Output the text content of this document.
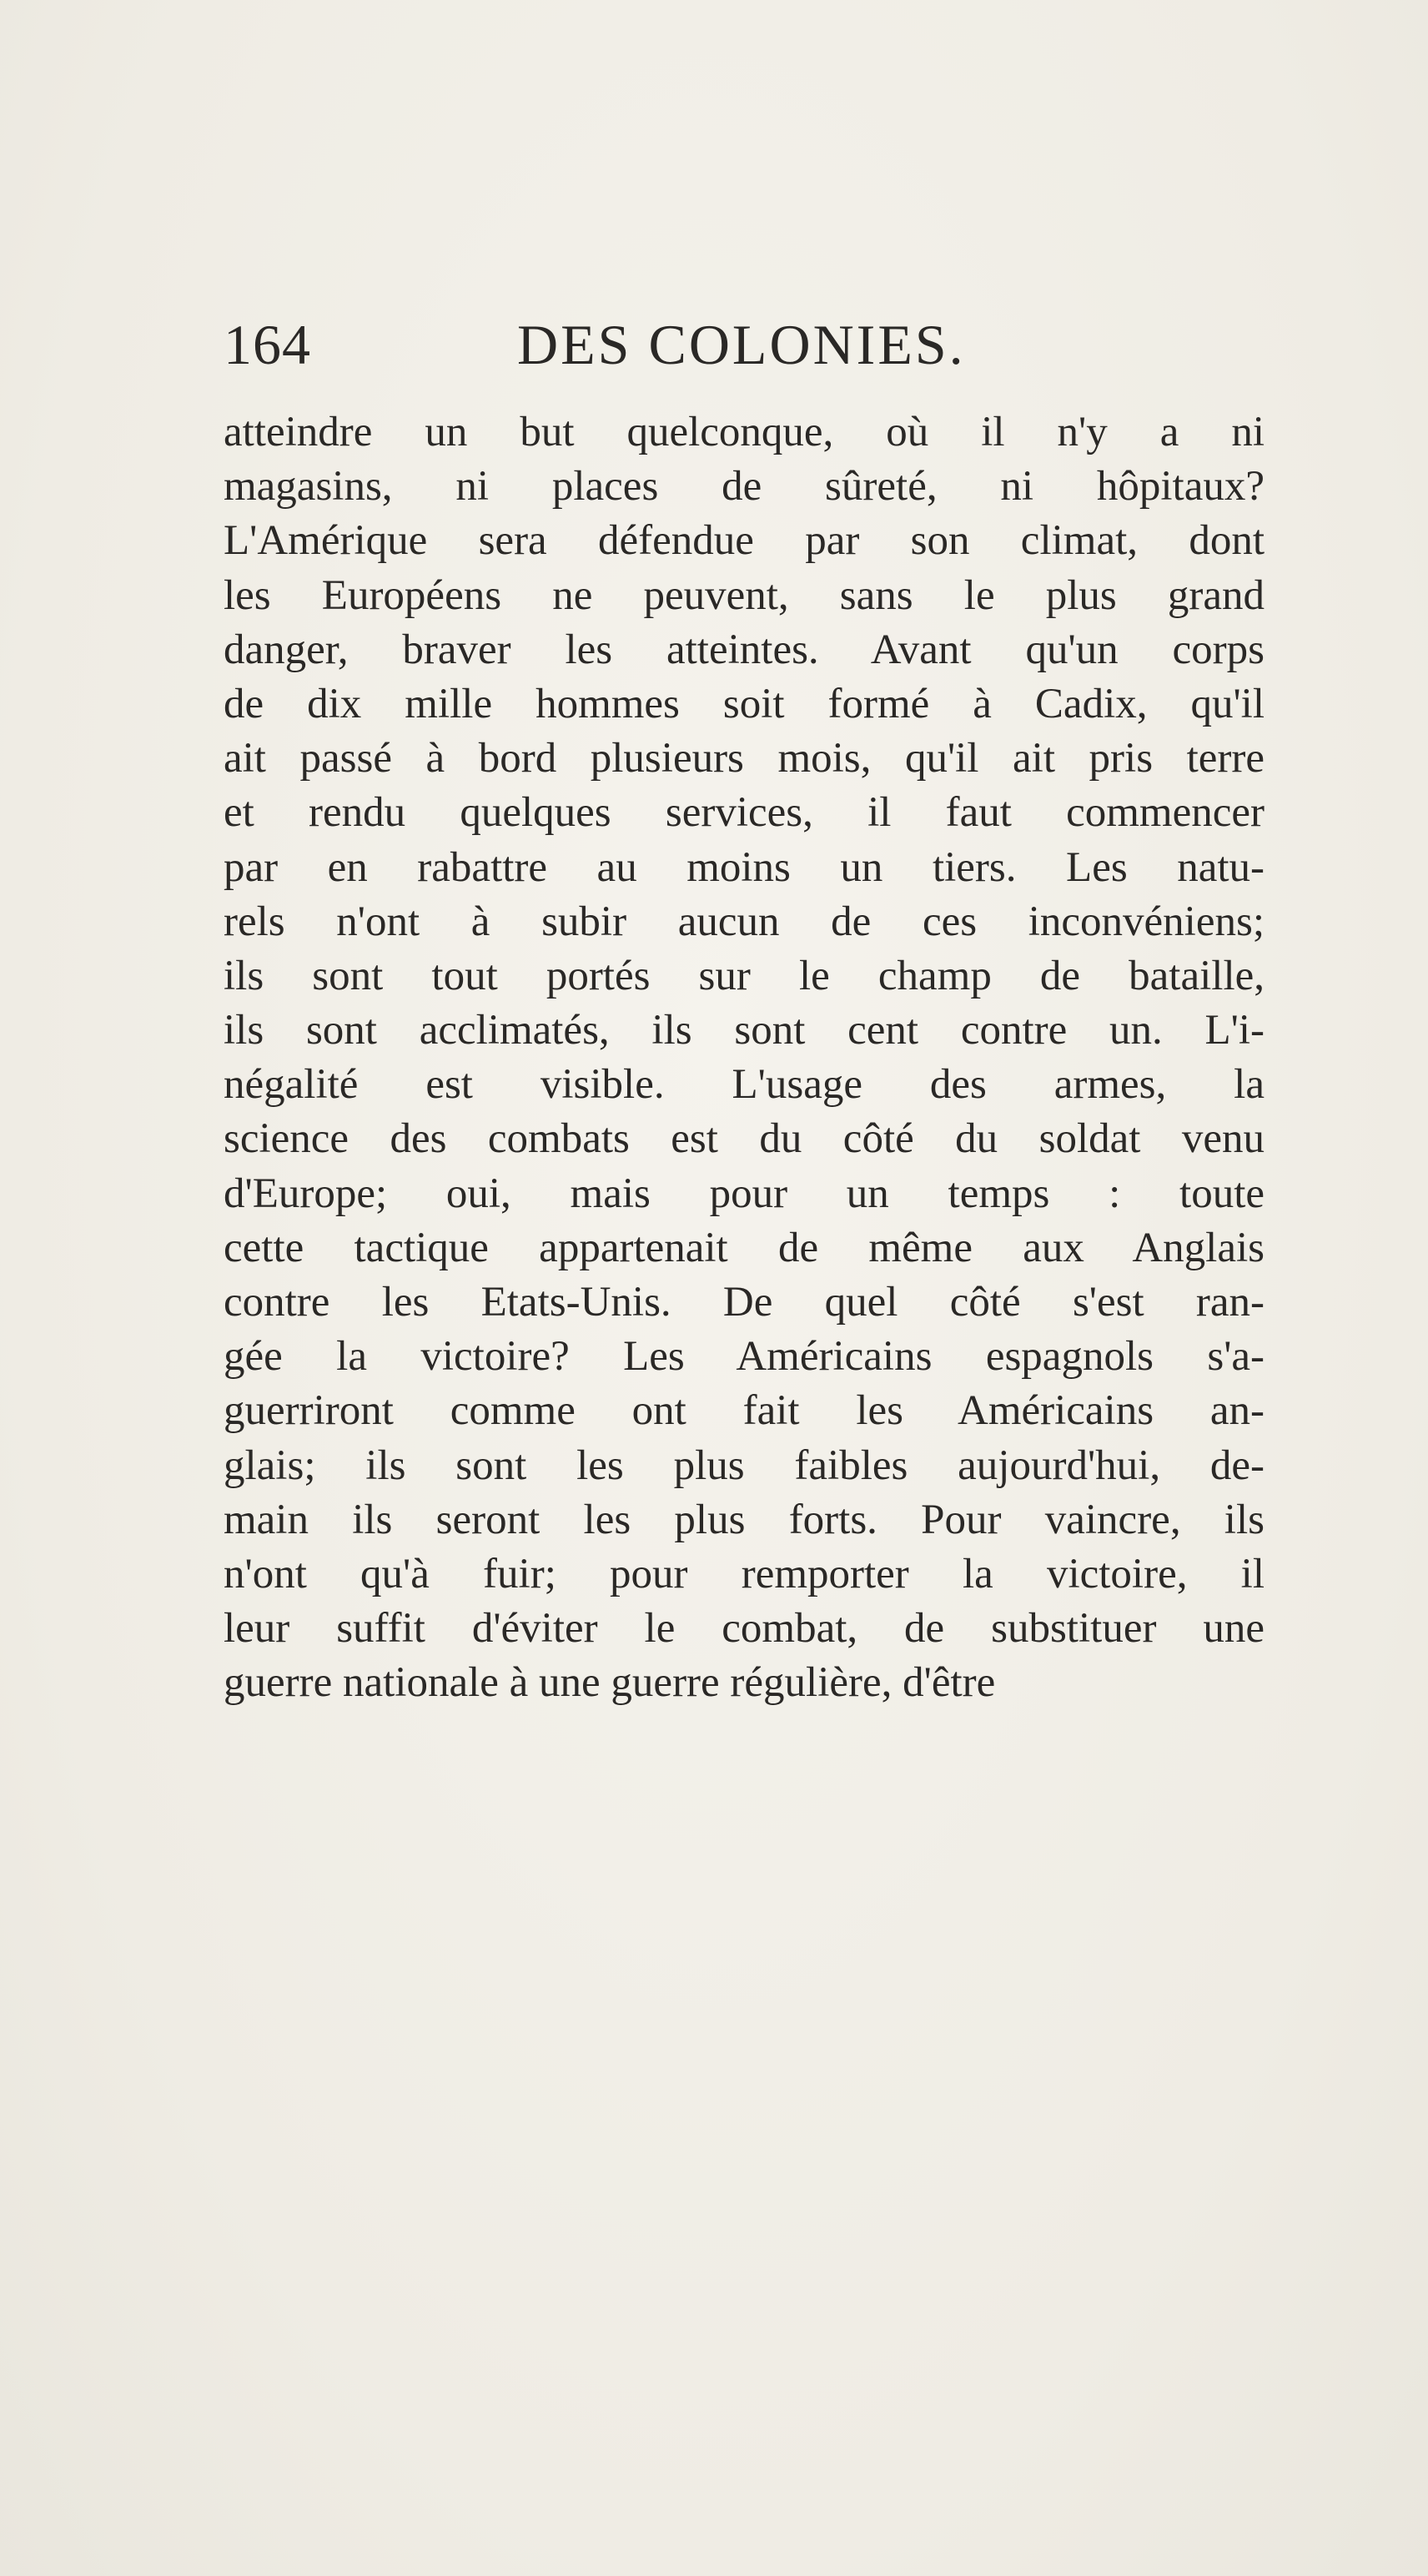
164	DES COLONIES.
atteindre un but quelconque, où il n'y a ni
magasins, ni places de sûreté, ni hôpitaux?
L'Amérique sera défendue par son climat, dont
les Européens ne peuvent, sans le plus grand
danger, braver les atteintes. Avant qu'un corps
de dix mille hommes soit formé à Cadix, qu'il
ait passé à bord plusieurs mois, qu'il ait pris terre
et rendu quelques services, il faut commencer
par en rabattre au moins un tiers. Les natu-
rels n'ont à subir aucun de ces inconvéniens;
ils sont tout portés sur le champ de bataille,
ils sont acclimatés, ils sont cent contre un. L'i-
négalité est visible. L'usage des armes, la
science des combats est du côté du soldat venu
d'Europe; oui, mais pour un temps : toute
cette tactique appartenait de même aux Anglais
contre les Etats-Unis. De quel côté s'est ran-
gée la victoire? Les Américains espagnols s'a-
guerriront comme ont fait les Américains an-
glais; ils sont les plus faibles aujourd'hui, de-
main ils seront les plus forts. Pour vaincre, ils
n'ont qu'à fuir; pour remporter la victoire, il
leur suffit d'éviter le combat, de substituer une
guerre nationale à une guerre régulière, d'être
